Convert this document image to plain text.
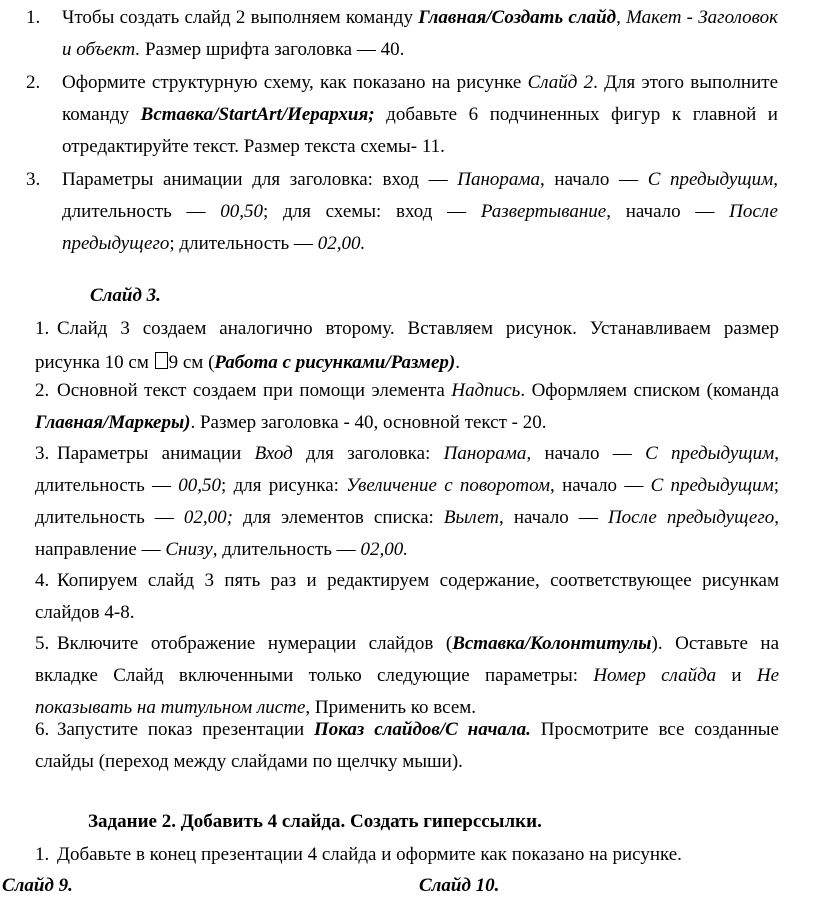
1. Чтобы создать слайд 2 выполняем команду Главная/Создать слайд, Макет - Заголовок и объект. Размер шрифта заголовка — 40.
2. Оформите структурную схему, как показано на рисунке Слайд 2. Для этого выполните команду Вставка/StartArt/Иерархия; добавьте 6 подчиненных фигур к главной и отредактируйте текст. Размер текста схемы- 11.
3. Параметры анимации для заголовка: вход — Панорама, начало — С предыдущим, длительность — 00,50; для схемы: вход — Развертывание, начало — После предыдущего; длительность — 02,00.
Слайд 3.
1. Слайд 3 создаем аналогично второму. Вставляем рисунок. Устанавливаем размер рисунка 10 см 9 см (Работа с рисунками/Размер).
2. Основной текст создаем при помощи элемента Надпись. Оформляем списком (команда Главная/Маркеры). Размер заголовка - 40, основной текст - 20.
3. Параметры анимации Вход для заголовка: Панорама, начало — С предыдущим, длительность — 00,50; для рисунка: Увеличение с поворотом, начало — С предыдущим; длительность — 02,00; для элементов списка: Вылет, начало — После предыдущего, направление — Снизу, длительность — 02,00.
4. Копируем слайд 3 пять раз и редактируем содержание, соответствующее рисункам слайдов 4-8.
5. Включите отображение нумерации слайдов (Вставка/Колонтитулы). Оставьте на вкладке Слайд включенными только следующие параметры: Номер слайда и Не показывать на титульном листе, Применить ко всем.
6. Запустите показ презентации Показ слайдов/С начала. Просмотрите все созданные слайды (переход между слайдами по щелчку мыши).
Задание 2. Добавить 4 слайда. Создать гиперссылки.
1. Добавьте в конец презентации 4 слайда и оформите как показано на рисунке.
Слайд 9.	Слайд 10.
